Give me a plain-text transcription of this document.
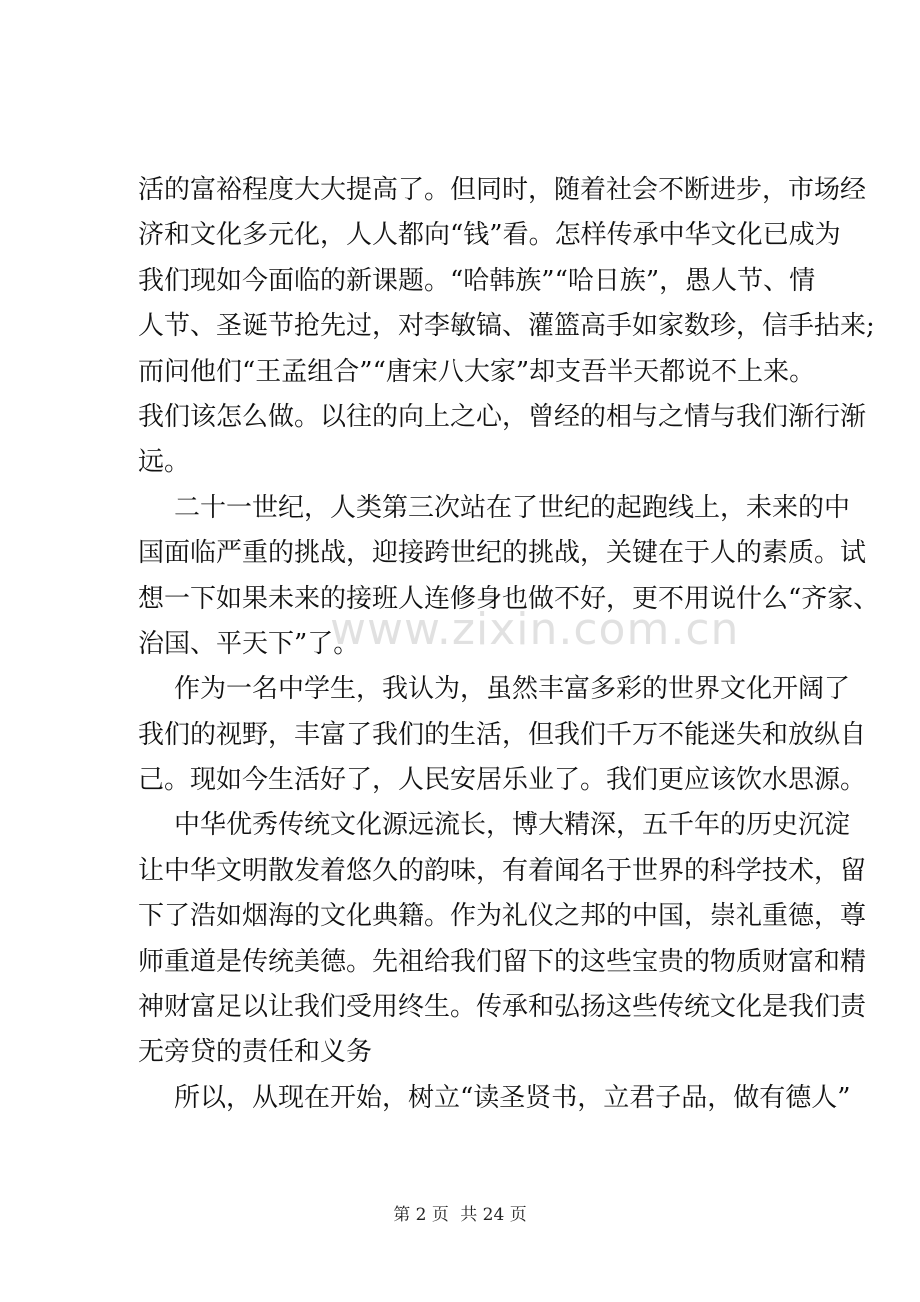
活的富裕程度大大提高了。但同时，随着社会不断进步，市场经
济和文化多元化，人人都向“钱”看。怎样传承中华文化已成为
我们现如今面临的新课题。“哈韩族”“哈日族”，愚人节、情
人节、圣诞节抢先过，对李敏镐、灌篮高手如家数珍，信手拈来;
而问他们“王孟组合”“唐宋八大家”却支吾半天都说不上来。
我们该怎么做。以往的向上之心，曾经的相与之情与我们渐行渐
远。
二十一世纪，人类第三次站在了世纪的起跑线上，未来的中
国面临严重的挑战，迎接跨世纪的挑战，关键在于人的素质。试
想一下如果未来的接班人连修身也做不好，更不用说什么“齐家、
治国、平天下”了。
作为一名中学生，我认为，虽然丰富多彩的世界文化开阔了
我们的视野，丰富了我们的生活，但我们千万不能迷失和放纵自
己。现如今生活好了，人民安居乐业了。我们更应该饮水思源。
中华优秀传统文化源远流长，博大精深，五千年的历史沉淀
让中华文明散发着悠久的韵味，有着闻名于世界的科学技术，留
下了浩如烟海的文化典籍。作为礼仪之邦的中国，崇礼重德，尊
师重道是传统美德。先祖给我们留下的这些宝贵的物质财富和精
神财富足以让我们受用终生。传承和弘扬这些传统文化是我们责
无旁贷的责任和义务
所以，从现在开始，树立“读圣贤书，立君子品，做有德人”
www.zixin.com.cn
第 2 页 共 24 页
